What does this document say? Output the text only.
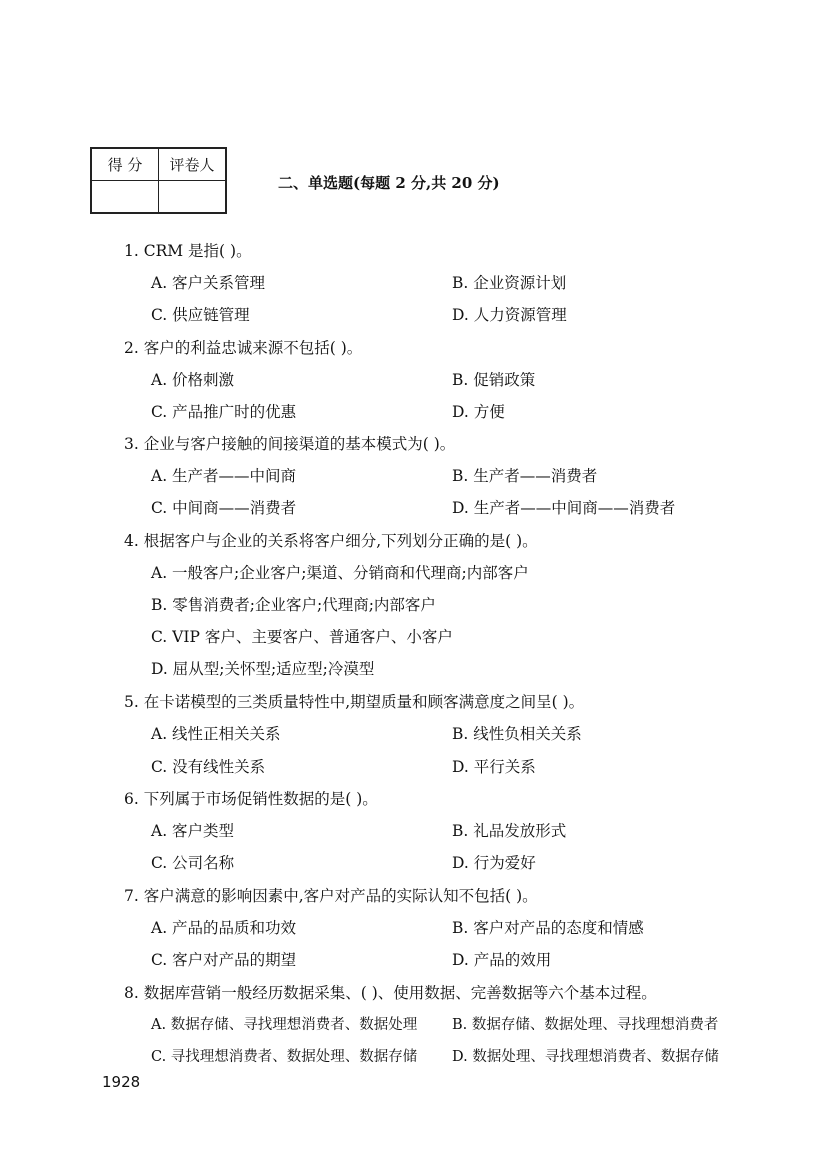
得 分	评卷人

二、单选题(每题 2 分,共 20 分)
1. CRM 是指( )。
A. 客户关系管理	B. 企业资源计划
C. 供应链管理	D. 人力资源管理
2. 客户的利益忠诚来源不包括( )。
A. 价格刺激	B. 促销政策
C. 产品推广时的优惠	D. 方便
3. 企业与客户接触的间接渠道的基本模式为( )。
A. 生产者——中间商	B. 生产者——消费者
C. 中间商——消费者	D. 生产者——中间商——消费者
4. 根据客户与企业的关系将客户细分,下列划分正确的是( )。
A. 一般客户;企业客户;渠道、分销商和代理商;内部客户
B. 零售消费者;企业客户;代理商;内部客户
C. VIP 客户、主要客户、普通客户、小客户
D. 屈从型;关怀型;适应型;冷漠型
5. 在卡诺模型的三类质量特性中,期望质量和顾客满意度之间呈( )。
A. 线性正相关关系	B. 线性负相关关系
C. 没有线性关系	D. 平行关系
6. 下列属于市场促销性数据的是( )。
A. 客户类型	B. 礼品发放形式
C. 公司名称	D. 行为爱好
7. 客户满意的影响因素中,客户对产品的实际认知不包括( )。
A. 产品的品质和功效	B. 客户对产品的态度和情感
C. 客户对产品的期望	D. 产品的效用
8. 数据库营销一般经历数据采集、( )、使用数据、完善数据等六个基本过程。
A. 数据存储、寻找理想消费者、数据处理 B. 数据存储、数据处理、寻找理想消费者
C. 寻找理想消费者、数据处理、数据存储 D. 数据处理、寻找理想消费者、数据存储
1928
